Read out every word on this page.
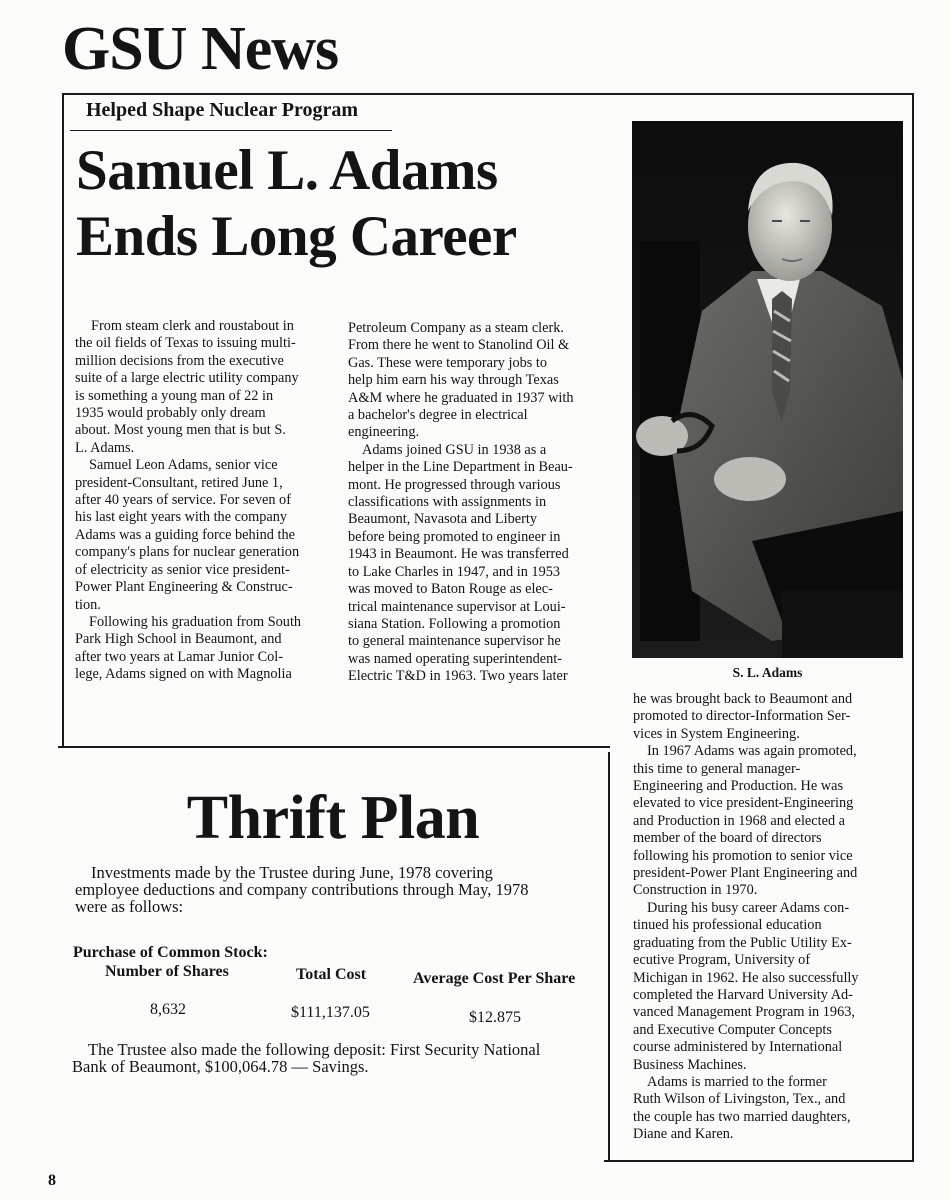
GSU News
Helped Shape Nuclear Program
Samuel L. Adams
Ends Long Career

From steam clerk and roustabout in

the oil fields of Texas to issuing multi-

million decisions from the executive

suite of a large electric utility company

is something a young man of 22 in

1935 would probably only dream

about. Most young men that is but S.

L. Adams.

Samuel Leon Adams, senior vice

president-Consultant, retired June 1,

after 40 years of service. For seven of

his last eight years with the company

Adams was a guiding force behind the

company's plans for nuclear generation

of electricity as senior vice president-

Power Plant Engineering & Construc-

tion.

Following his graduation from South

Park High School in Beaumont, and

after two years at Lamar Junior Col-

lege, Adams signed on with Magnolia

Petroleum Company as a steam clerk.

From there he went to Stanolind Oil &

Gas. These were temporary jobs to

help him earn his way through Texas

A&M where he graduated in 1937 with

a bachelor's degree in electrical

engineering.

Adams joined GSU in 1938 as a

helper in the Line Department in Beau-

mont. He progressed through various

classifications with assignments in

Beaumont, Navasota and Liberty

before being promoted to engineer in

1943 in Beaumont. He was transferred

to Lake Charles in 1947, and in 1953

was moved to Baton Rouge as elec-

trical maintenance supervisor at Loui-

siana Station. Following a promotion

to general maintenance supervisor he

was named operating superintendent-

Electric T&D in 1963. Two years later	S. L. Adams

he was brought back to Beaumont and

promoted to director-Information Ser-

vices in System Engineering.

In 1967 Adams was again promoted,

this time to general manager-

Engineering and Production. He was

elevated to vice president-Engineering

and Production in 1968 and elected a

member of the board of directors

following his promotion to senior vice

president-Power Plant Engineering and

Construction in 1970.

During his busy career Adams con-

tinued his professional education

graduating from the Public Utility Ex-

ecutive Program, University of

Michigan in 1962. He also successfully

completed the Harvard University Ad-

vanced Management Program in 1963,

and Executive Computer Concepts

course administered by International

Business Machines.

Adams is married to the former

Ruth Wilson of Livingston, Tex., and

the couple has two married daughters,

Diane and Karen.

Thrift Plan
Investments made by the Trustee during June, 1978 covering
employee deductions and company contributions through May, 1978
were as follows:
Purchase of Common Stock:
Number of Shares	Total Cost	Average Cost Per Share
8,632	$111,137.05	$12.875
The Trustee also made the following deposit: First Security National
Bank of Beaumont, $100,064.78 — Savings.
8
